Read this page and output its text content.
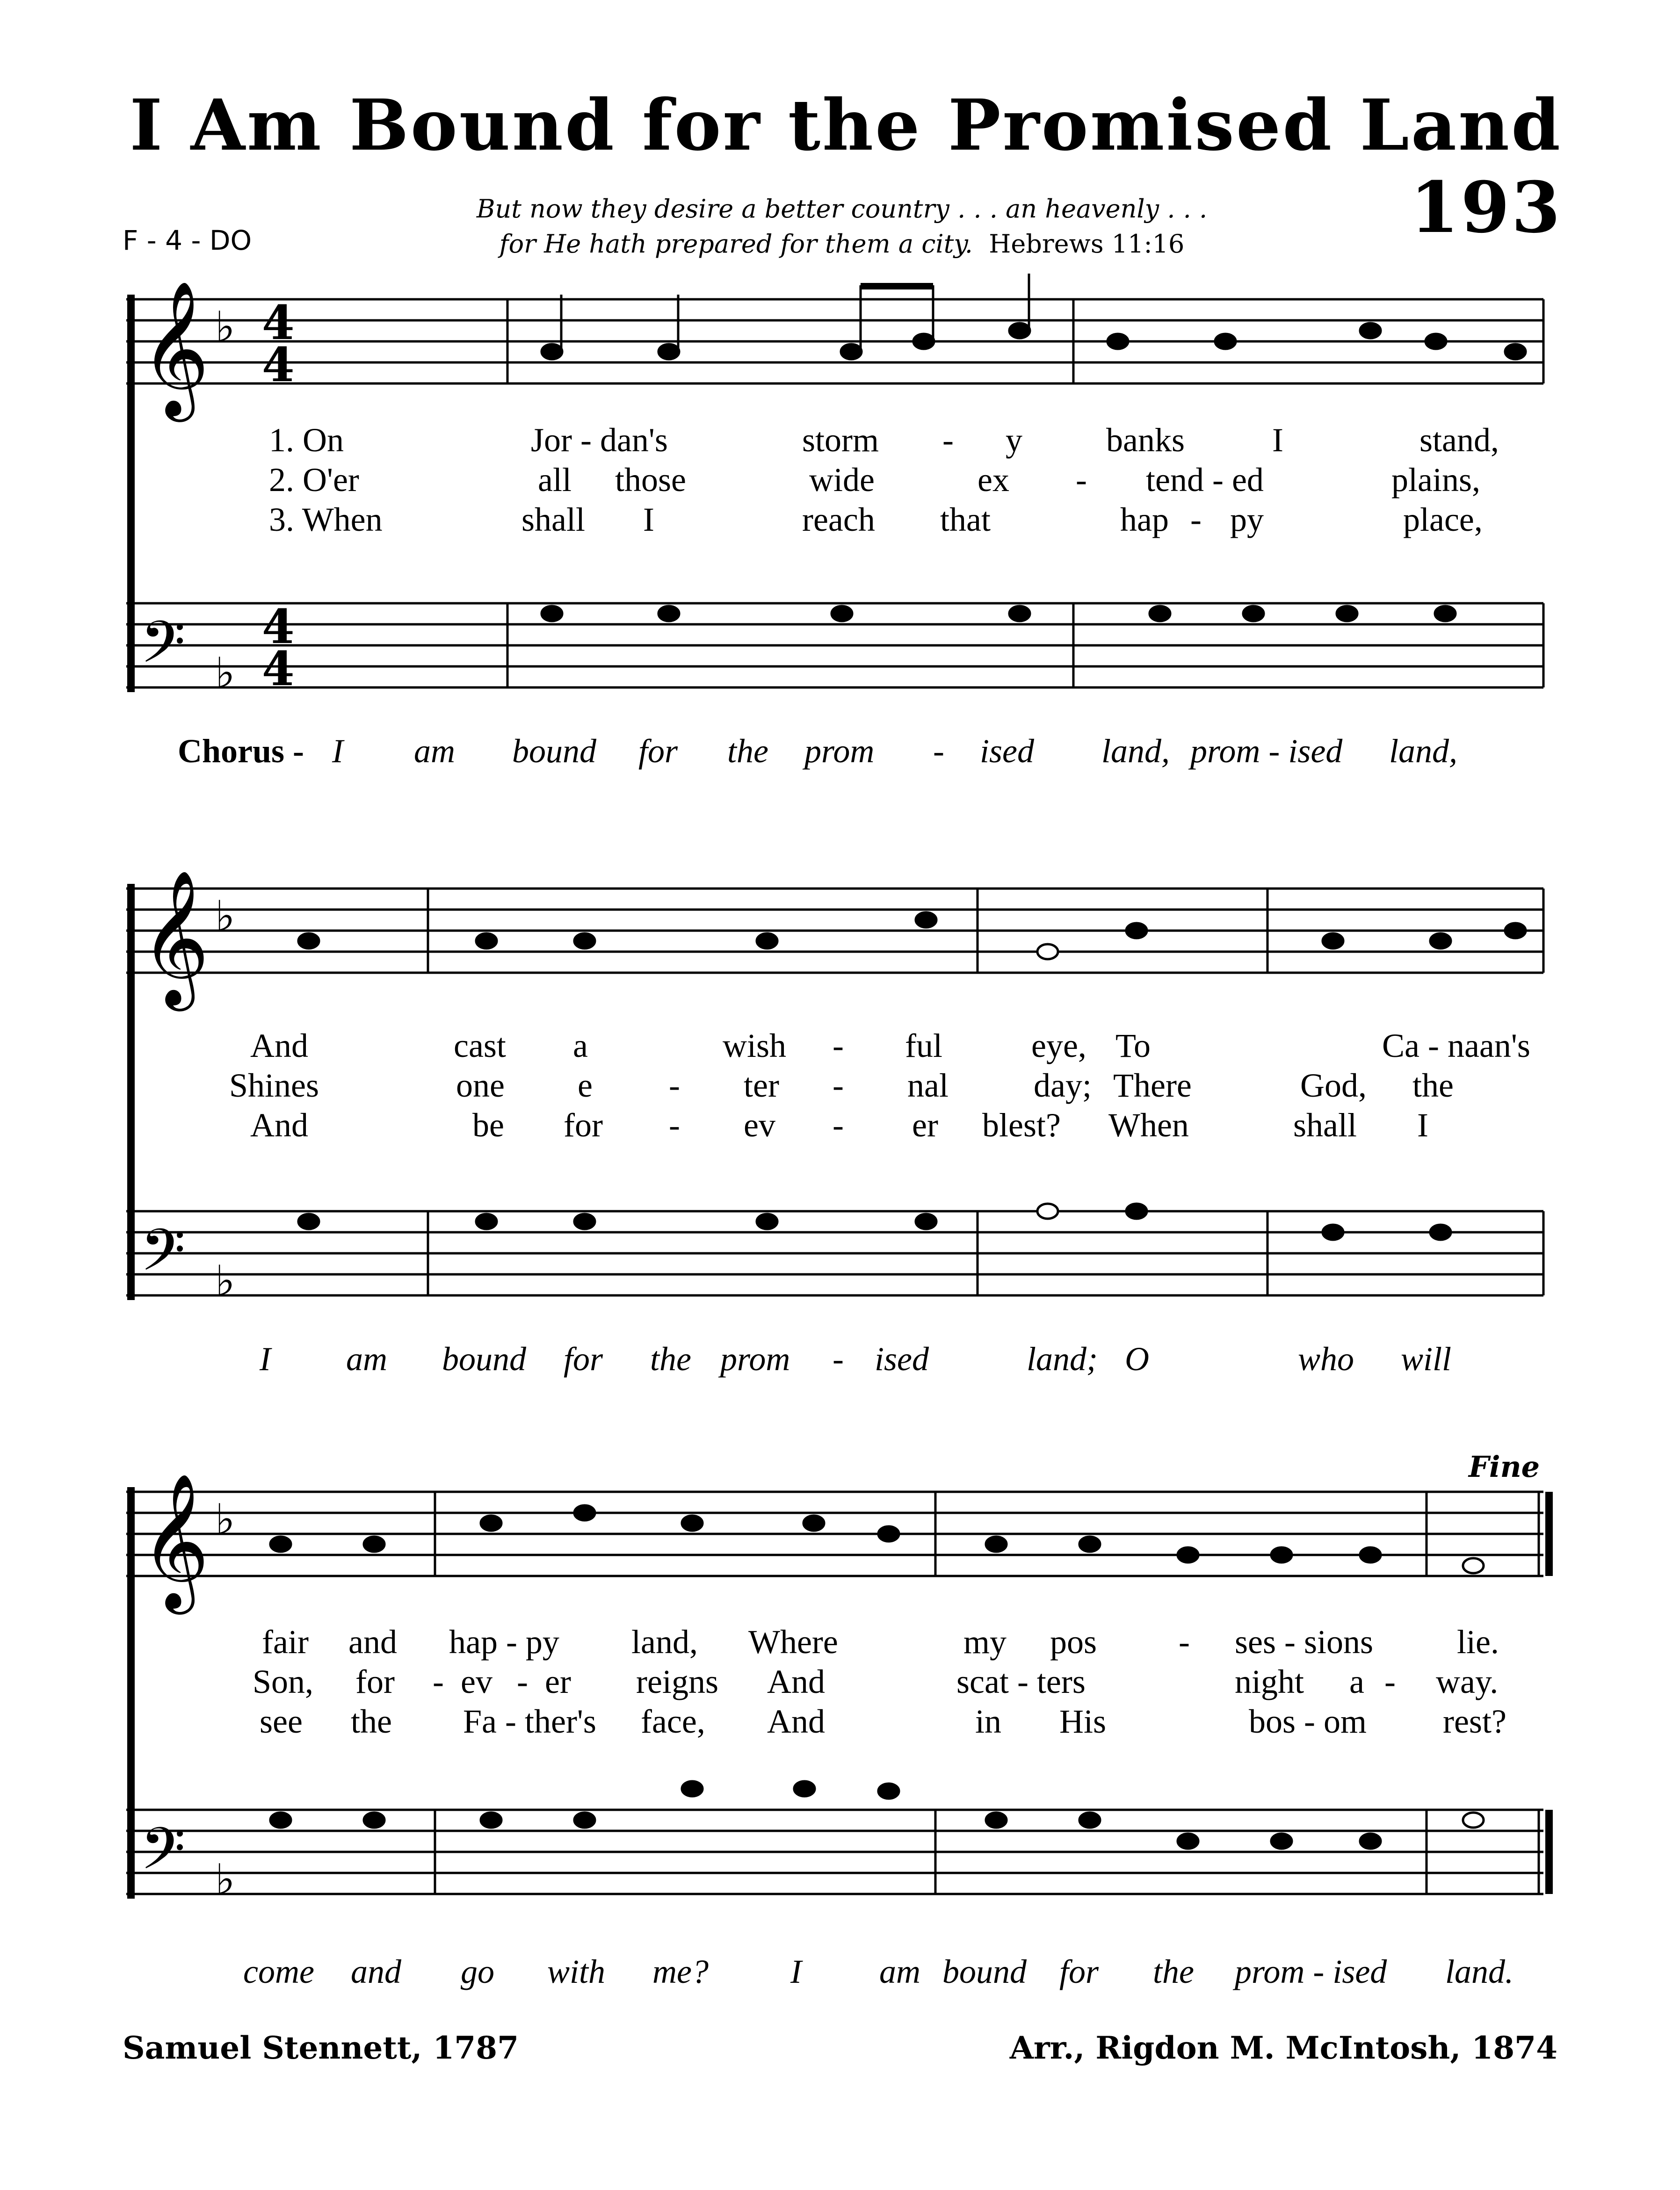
I Am Bound for the Promised Land 193
But now they desire a better country . . . an heavenly . . .
for He hath prepared for them a city. Hebrews 11:16
F - 4 - DO
Fine
𝄞
𝄞
𝄞
𝄢
𝄢
𝄢
♭
♭
♭
♭
♭
♭
4
4
4
4
1. On	Jor - dan's	storm - y banks	I	stand,
2. O'er	all those	wide	ex - tend - ed	plains,
3. When	shall I	reach that	hap - py	place,
Chorus - I am bound for the prom - ised land, prom - ised land,
And	cast a	wish - ful	eye, To	Ca - naan's
Shines	one e - ter - nal	day; There	God, the
And	be for - ev - er blest? When	shall I
I am bound for the prom - ised	land; O	who will
fair and hap - py land, Where	my pos - ses - sions lie.
Son, for - ev - er reigns And	scat - ters	night a - way.
see the Fa - ther's face, And	in His	bos - om rest?
come and go with me? I am bound for the prom - ised land.
Samuel Stennett, 1787	Arr., Rigdon M. McIntosh, 1874
